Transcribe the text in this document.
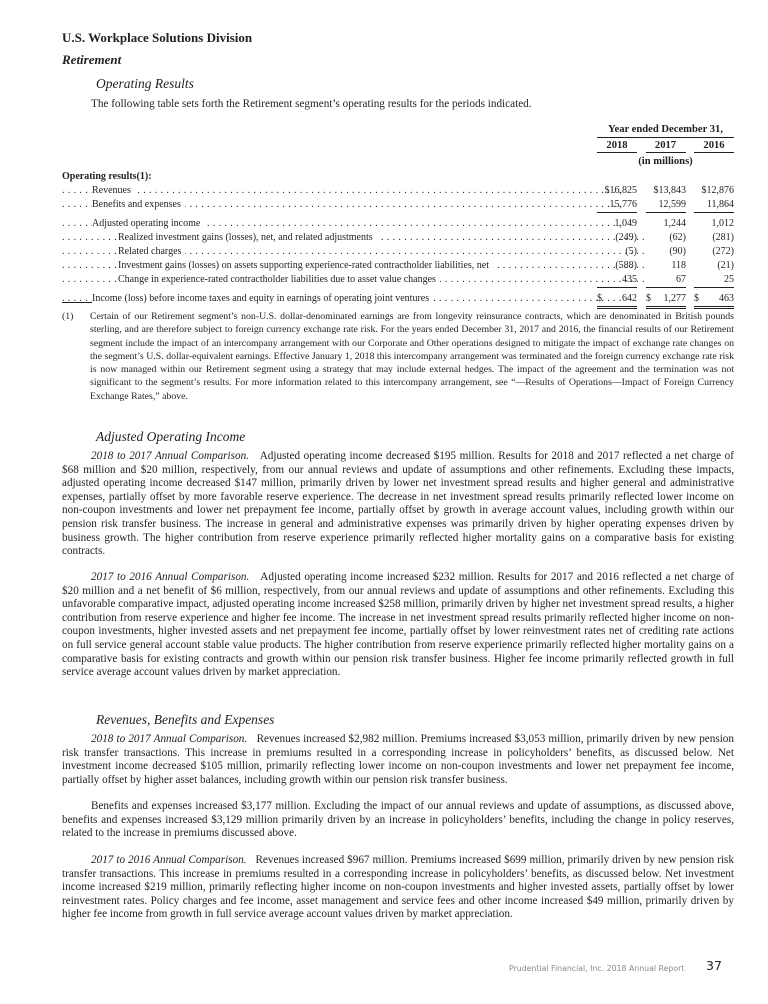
U.S. Workplace Solutions Division
Retirement
Operating Results
The following table sets forth the Retirement segment’s operating results for the periods indicated.
Year ended December 31,
2018	2017	2016
(in millions)
Operating results(1):
Revenues . . .	$16,825	$13,843	$12,876
Benefits and expenses . . .	15,776	12,599	11,864
Adjusted operating income . . .	1,049	1,244	1,012
Realized investment gains (losses), net, and related adjustments . . .	(249)	(62)	(281)
Related charges . . .	(5)	(90)	(272)
Investment gains (losses) on assets supporting experience-rated contractholder liabilities, net . . .	(588)	118	(21)
Change in experience-rated contractholder liabilities due to asset value changes . . .	435	67	25
Income (loss) before income taxes and equity in earnings of operating joint ventures . . .	$ 642 $ 1,277 $ 463
(1) Certain of our Retirement segment’s non-U.S. dollar-denominated earnings are from longevity reinsurance contracts, which are denominated in British pounds sterling, and are therefore subject to foreign currency exchange rate risk. For the years ended December 31, 2017 and 2016, the financial results of our Retirement segment include the impact of an intercompany arrangement with our Corporate and Other operations designed to mitigate the impact of exchange rate changes on the segment’s U.S. dollar-equivalent earnings. Effective January 1, 2018 this intercompany arrangement was terminated and the foreign currency exchange rate risk is now managed within our Retirement segment using a strategy that may include external hedges. The impact of the agreement and the termination was not significant to the segment’s results. For more information related to this intercompany arrangement, see “—Results of Operations—Impact of Foreign Currency Exchange Rates,” above.
Adjusted Operating Income

2018 to 2017 Annual Comparison. Adjusted operating income decreased $195 million. Results for 2018 and 2017 reflected a net charge of $68 million and $20 million, respectively, from our annual reviews and update of assumptions and other refinements. Excluding these impacts, adjusted operating income decreased $147 million, primarily driven by lower net investment spread results and higher general and administrative expenses, partially offset by more favorable reserve experience. The decrease in net investment spread results primarily reflected lower income on non-coupon investments and lower net prepayment fee income, partially offset by growth in average account values, including growth within our pension risk transfer business. The increase in general and administrative expenses was primarily driven by higher operating expenses driven by business growth. The higher contribution from reserve experience primarily reflected higher mortality gains on a comparative basis for existing contracts.

2017 to 2016 Annual Comparison. Adjusted operating income increased $232 million. Results for 2017 and 2016 reflected a net charge of $20 million and a net benefit of $6 million, respectively, from our annual reviews and update of assumptions and other refinements. Excluding this unfavorable comparative impact, adjusted operating income increased $258 million, primarily driven by higher net investment spread results, a higher contribution from reserve experience and higher fee income. The increase in net investment spread results primarily reflected higher income on non-coupon investments, higher invested assets and net prepayment fee income, partially offset by lower reinvestment rates net of crediting rate actions on full service general account stable value products. The higher contribution from reserve experience primarily reflected higher mortality gains on a comparative basis for existing contracts and growth within our pension risk transfer business. Higher fee income primarily reflected growth in full service average account values driven by market appreciation.

Revenues, Benefits and Expenses

2018 to 2017 Annual Comparison. Revenues increased $2,982 million. Premiums increased $3,053 million, primarily driven by new pension risk transfer transactions. This increase in premiums resulted in a corresponding increase in policyholders’ benefits, as discussed below. Net investment income decreased $105 million, primarily reflecting lower income on non-coupon investments and lower net prepayment fee income, partially offset by higher asset balances, including growth within our pension risk transfer business.

Benefits and expenses increased $3,177 million. Excluding the impact of our annual reviews and update of assumptions, as discussed above, benefits and expenses increased $3,129 million primarily driven by an increase in policyholders’ benefits, including the change in policy reserves, related to the increase in premiums discussed above.

2017 to 2016 Annual Comparison. Revenues increased $967 million. Premiums increased $699 million, primarily driven by new pension risk transfer transactions. This increase in premiums resulted in a corresponding increase in policyholders’ benefits, as discussed below. Net investment income increased $219 million, primarily reflecting higher income on non-coupon investments and higher invested assets, partially offset by lower reinvestment rates. Policy charges and fee income, asset management and service fees and other income increased $49 million, primarily driven by higher fee income from growth in full service average account values driven by market appreciation.

Prudential Financial, Inc. 2018 Annual Report 37
